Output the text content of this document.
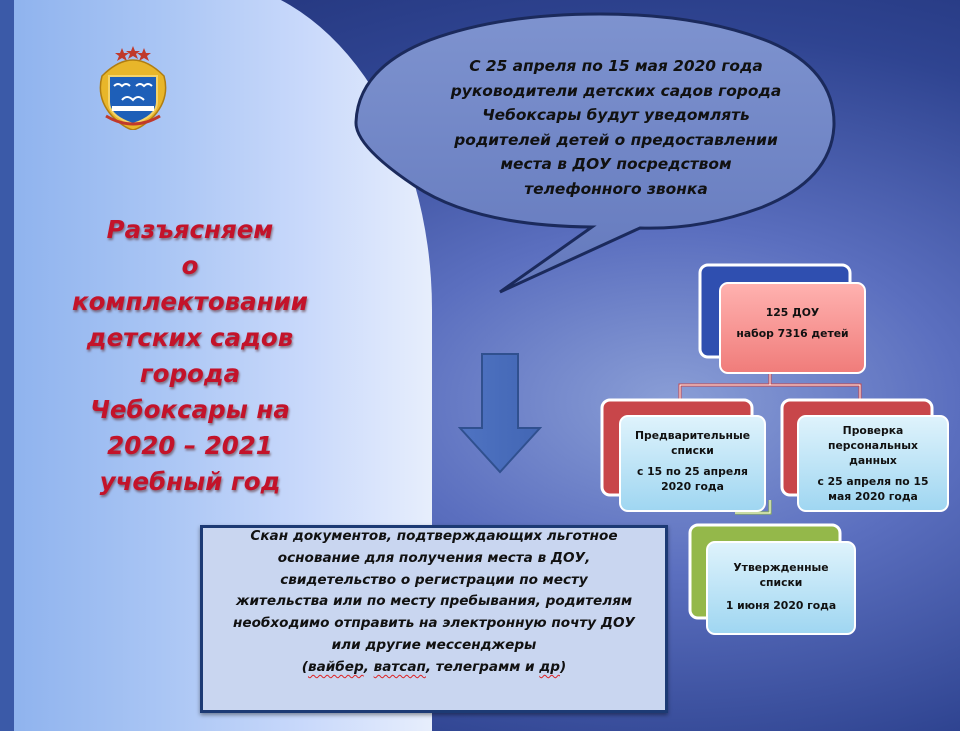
Разъясняем
о
комплектовании
детских садов
города
Чебоксары на
2020 – 2021
учебный год
С 25 апреля по 15 мая 2020 года
руководители детских садов города
Чебоксары будут уведомлять
родителей детей о предоставлении
места в ДОУ посредством
телефонного звонка
Скан документов, подтверждающих льготное
основание для получения места в ДОУ,
свидетельство о регистрации по месту
жительства или по месту пребывания, родителям
необходимо отправить на электронную почту ДОУ
или другие мессенджеры
(вайбер, ватсап, телеграмм и др)
125 ДОУ
набор 7316 детей
Предварительные
списки
с 15 по 25 апреля
2020 года
Проверка
персональных
данных
с 25 апреля по 15
мая 2020 года
Утвержденные
списки
1 июня 2020 года
